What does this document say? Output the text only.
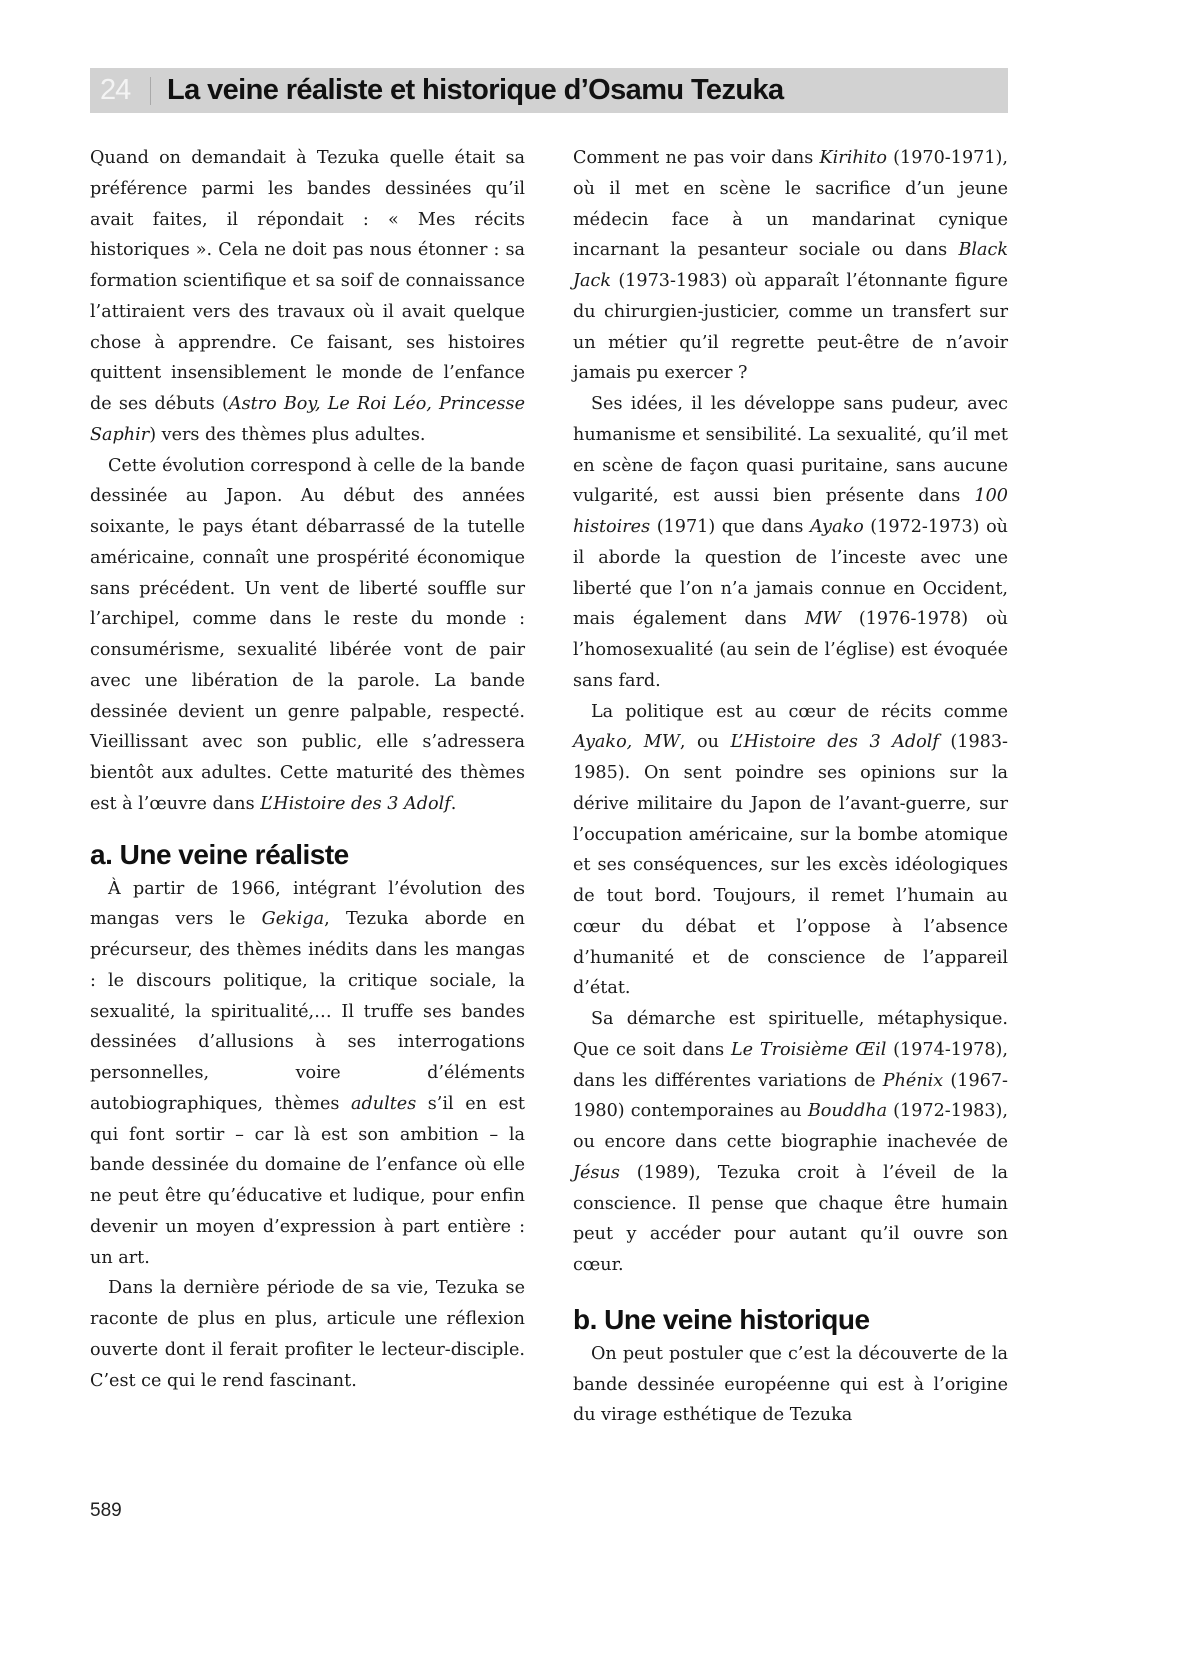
24	La veine réaliste et historique d’Osamu Tezuka

Quand on demandait à Tezuka quelle était sa préférence parmi les bandes dessinées qu’il avait faites, il répondait : « Mes récits historiques ». Cela ne doit pas nous étonner : sa formation scientifique et sa soif de connaissance l’attiraient vers des travaux où il avait quelque chose à apprendre. Ce faisant, ses histoires quittent insensiblement le monde de l’enfance de ses débuts (Astro Boy, Le Roi Léo, Princesse Saphir) vers des thèmes plus adultes.

Cette évolution correspond à celle de la bande dessinée au Japon. Au début des années soixante, le pays étant débarrassé de la tutelle américaine, connaît une prospérité économique sans précédent. Un vent de liberté souffle sur l’archipel, comme dans le reste du monde : consumérisme, sexualité libérée vont de pair avec une libération de la parole. La bande dessinée devient un genre palpable, respecté. Vieillissant avec son public, elle s’adressera bientôt aux adultes. Cette maturité des thèmes est à l’œuvre dans L’Histoire des 3 Adolf.

a. Une veine réaliste

À partir de 1966, intégrant l’évolution des mangas vers le Gekiga, Tezuka aborde en précurseur, des thèmes inédits dans les mangas : le discours politique, la critique sociale, la sexualité, la spiritualité,… Il truffe ses bandes dessinées d’allusions à ses interrogations personnelles, voire d’éléments autobiographiques, thèmes adultes s’il en est qui font sortir – car là est son ambition – la bande dessinée du domaine de l’enfance où elle ne peut être qu’éducative et ludique, pour enfin devenir un moyen d’expression à part entière : un art.

Dans la dernière période de sa vie, Tezuka se raconte de plus en plus, articule une réflexion ouverte dont il ferait profiter le lecteur-disciple. C’est ce qui le rend fascinant.

Comment ne pas voir dans Kirihito (1970-1971), où il met en scène le sacrifice d’un jeune médecin face à un mandarinat cynique incarnant la pesanteur sociale ou dans Black Jack (1973-1983) où apparaît l’étonnante figure du chirurgien-justicier, comme un transfert sur un métier qu’il regrette peut-être de n’avoir jamais pu exercer ?

Ses idées, il les développe sans pudeur, avec humanisme et sensibilité. La sexualité, qu’il met en scène de façon quasi puritaine, sans aucune vulgarité, est aussi bien présente dans 100 histoires (1971) que dans Ayako (1972-1973) où il aborde la question de l’inceste avec une liberté que l’on n’a jamais connue en Occident, mais également dans MW (1976-1978) où l’homosexualité (au sein de l’église) est évoquée sans fard.

La politique est au cœur de récits comme Ayako, MW, ou L’Histoire des 3 Adolf (1983-1985). On sent poindre ses opinions sur la dérive militaire du Japon de l’avant-guerre, sur l’occupation américaine, sur la bombe atomique et ses conséquences, sur les excès idéologiques de tout bord. Toujours, il remet l’humain au cœur du débat et l’oppose à l’absence d’humanité et de conscience de l’appareil d’état.

Sa démarche est spirituelle, métaphysique. Que ce soit dans Le Troisième Œil (1974-1978), dans les différentes variations de Phénix (1967-1980) contemporaines au Bouddha (1972-1983), ou encore dans cette biographie inachevée de Jésus (1989), Tezuka croit à l’éveil de la conscience. Il pense que chaque être humain peut y accéder pour autant qu’il ouvre son cœur.

b. Une veine historique

On peut postuler que c’est la découverte de la bande dessinée européenne qui est à l’origine du virage esthétique de Tezuka

589
